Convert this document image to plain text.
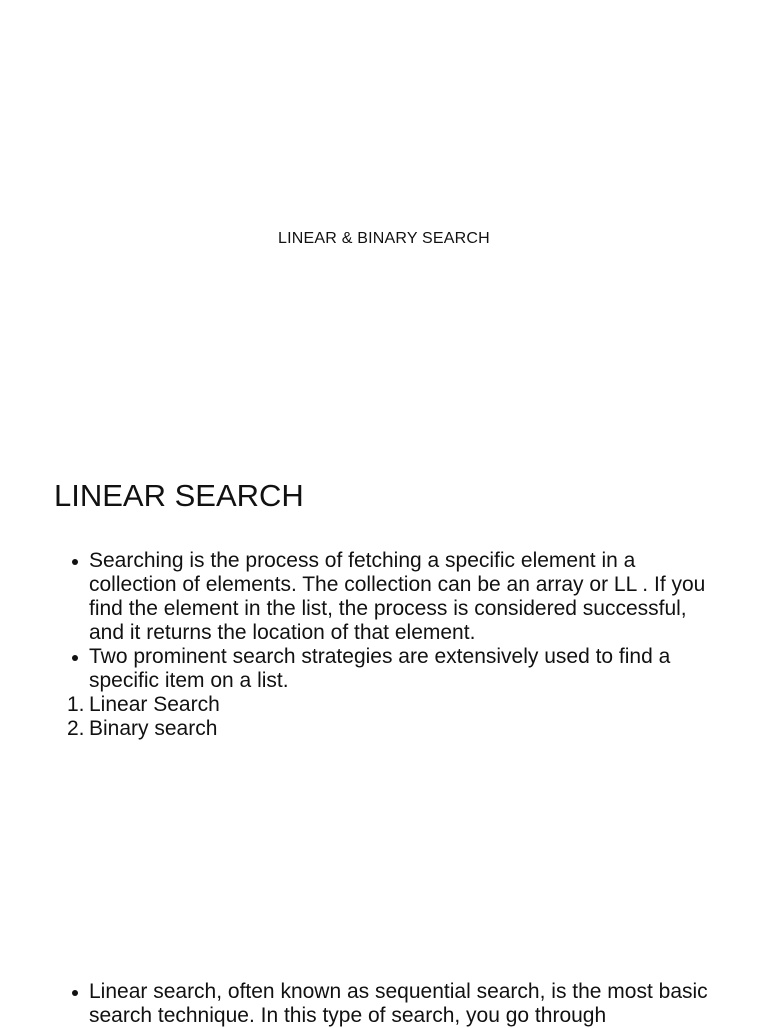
LINEAR & BINARY SEARCH
LINEAR SEARCH
Searching is the process of fetching a specific element in a collection of elements. The collection can be an array or LL . If you find the element in the list, the process is considered successful, and it returns the location of that element.
Two prominent search strategies are extensively used to find a specific item on a list.
1. Linear Search
2. Binary search
Linear search, often known as sequential search, is the most basic search technique. In this type of search, you go through
